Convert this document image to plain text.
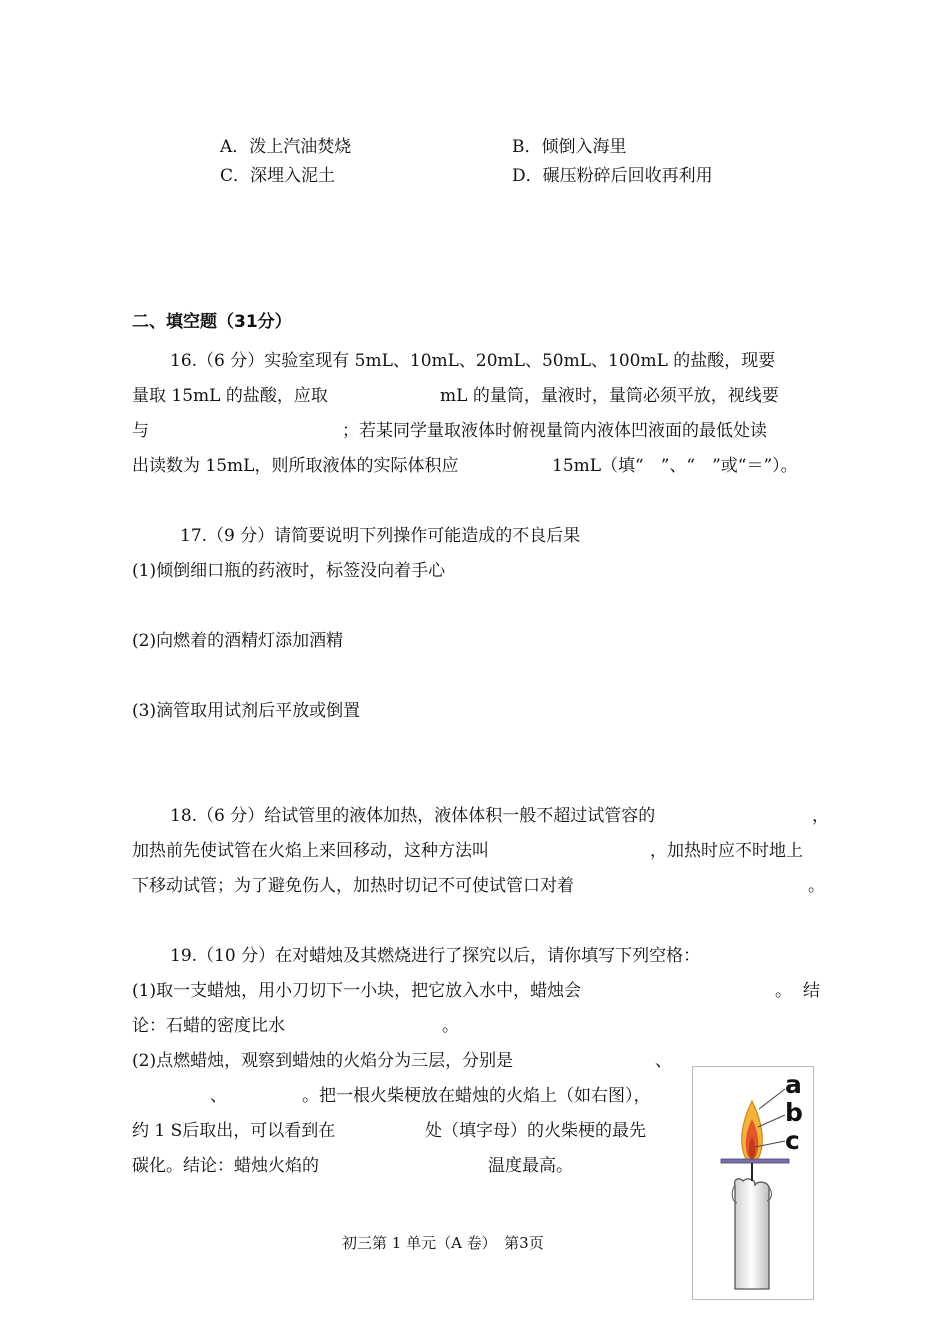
A．泼上汽油焚烧	B．倾倒入海里
C．深埋入泥土	D．碾压粉碎后回收再利用
二、填空题（31分）
16.（6 分）实验室现有 5mL、10mL、20mL、50mL、100mL 的盐酸，现要
量取 15mL 的盐酸，应取	mL 的量筒，量液时，量筒必须平放，视线要
与	；若某同学量取液体时俯视量筒内液体凹液面的最低处读
出读数为 15mL，则所取液体的实际体积应	15mL（填“　”、“　”或“＝”）。
17.（9 分）请简要说明下列操作可能造成的不良后果
(1)倾倒细口瓶的药液时，标签没向着手心
(2)向燃着的酒精灯添加酒精
(3)滴管取用试剂后平放或倒置
18.（6 分）给试管里的液体加热，液体体积一般不超过试管容的	，
加热前先使试管在火焰上来回移动，这种方法叫	，加热时应不时地上
下移动试管；为了避免伤人，加热时切记不可使试管口对着	。
19.（10 分）在对蜡烛及其燃烧进行了探究以后，请你填写下列空格：
(1)取一支蜡烛，用小刀切下一小块，把它放入水中，蜡烛会	。 结
论：石蜡的密度比水	。
(2)点燃蜡烛，观察到蜡烛的火焰分为三层，分别是	、
、	。把一根火柴梗放在蜡烛的火焰上（如右图），
约 1 S后取出，可以看到在	处（填字母）的火柴梗的最先
碳化。结论：蜡烛火焰的	温度最高。
a
b
c
初三第 1 单元（A 卷）　第3页
